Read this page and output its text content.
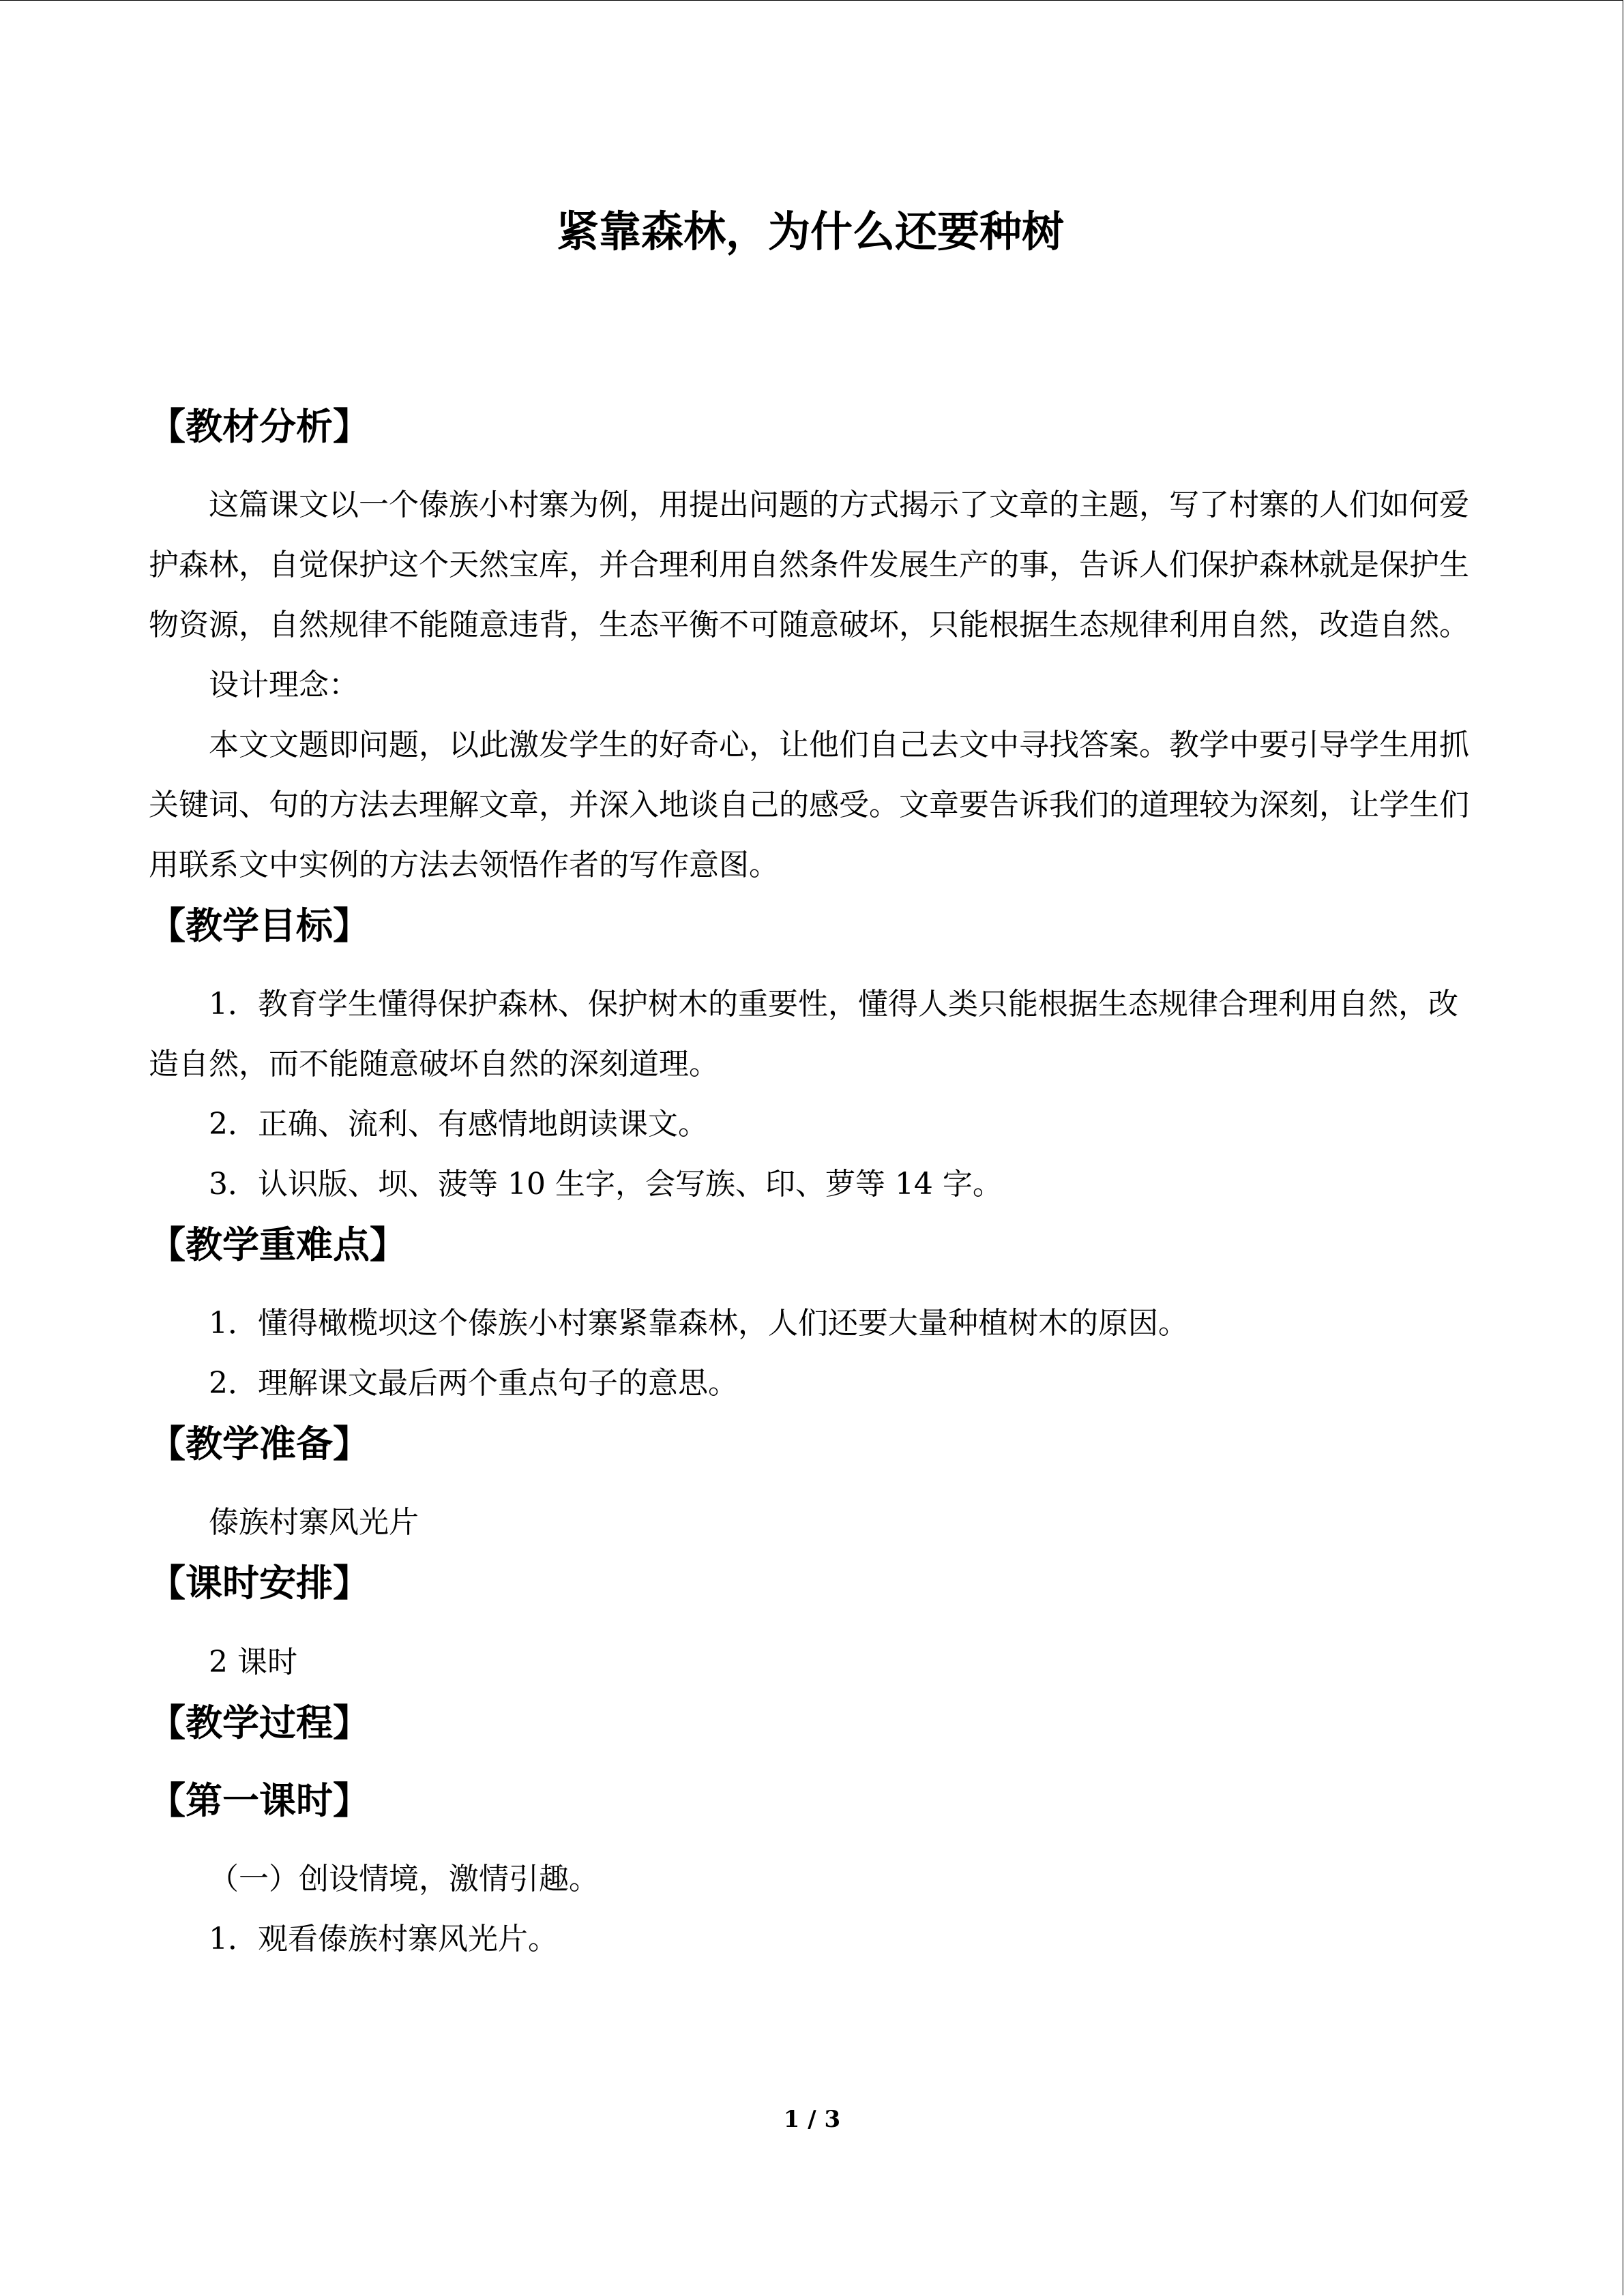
紧靠森林，为什么还要种树
【教材分析】

这篇课文以一个傣族小村寨为例，用提出问题的方式揭示了文章的主题，写了村寨的人们如何爱护森林，自觉保护这个天然宝库，并合理利用自然条件发展生产的事，告诉人们保护森林就是保护生物资源，自然规律不能随意违背，生态平衡不可随意破坏，只能根据生态规律利用自然，改造自然。

设计理念：

本文文题即问题，以此激发学生的好奇心，让他们自己去文中寻找答案。教学中要引导学生用抓关键词、句的方法去理解文章，并深入地谈自己的感受。文章要告诉我们的道理较为深刻，让学生们用联系文中实例的方法去领悟作者的写作意图。

【教学目标】

1．教育学生懂得保护森林、保护树木的重要性，懂得人类只能根据生态规律合理利用自然，改造自然，而不能随意破坏自然的深刻道理。

2．正确、流利、有感情地朗读课文。

3．认识版、坝、菠等 10 生字，会写族、印、萝等 14 字。

【教学重难点】

1．懂得橄榄坝这个傣族小村寨紧靠森林，人们还要大量种植树木的原因。

2．理解课文最后两个重点句子的意思。

【教学准备】

傣族村寨风光片

【课时安排】

2 课时

【教学过程】
【第一课时】

（一）创设情境，激情引趣。

1．观看傣族村寨风光片。

1 / 3
